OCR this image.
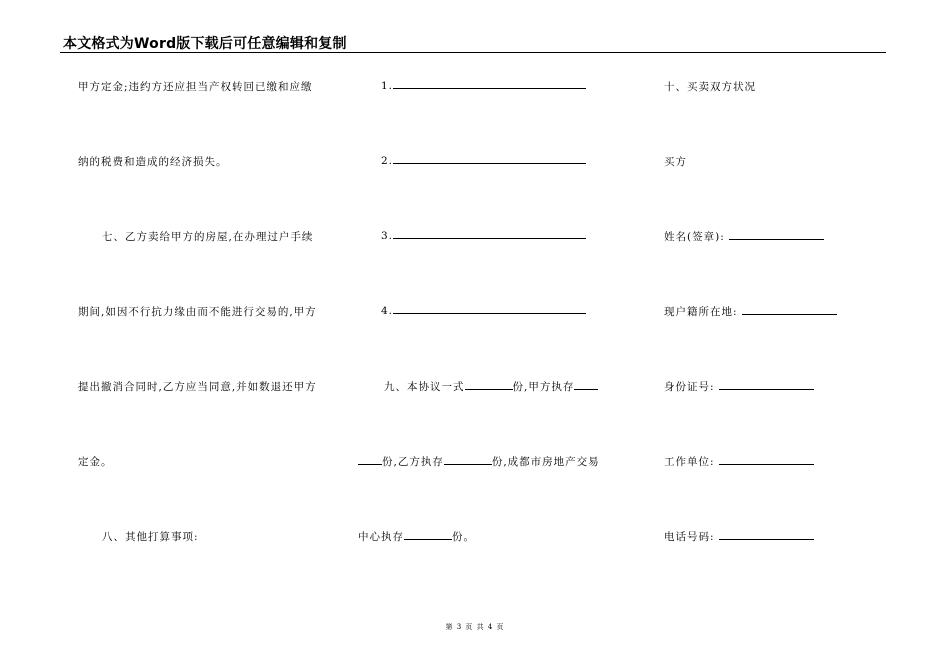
本文格式为Word版下载后可任意编辑和复制
甲方定金;违约方还应担当产权转回已缴和应缴
纳的税费和造成的经济损失。
七、乙方卖给甲方的房屋,在办理过户手续
期间,如因不行抗力缘由而不能进行交易的,甲方
提出撤消合同时,乙方应当同意,并如数退还甲方
定金。
八、其他打算事项:
1.
2.
3.
4.
九、本协议一式	份,甲方执存
份,乙方执存	份,成都市房地产交易
中心执存	份。
十、买卖双方状况
买方
姓名(签章):
现户籍所在地:
身份证号:
工作单位:
电话号码:
第 3 页 共 4 页
